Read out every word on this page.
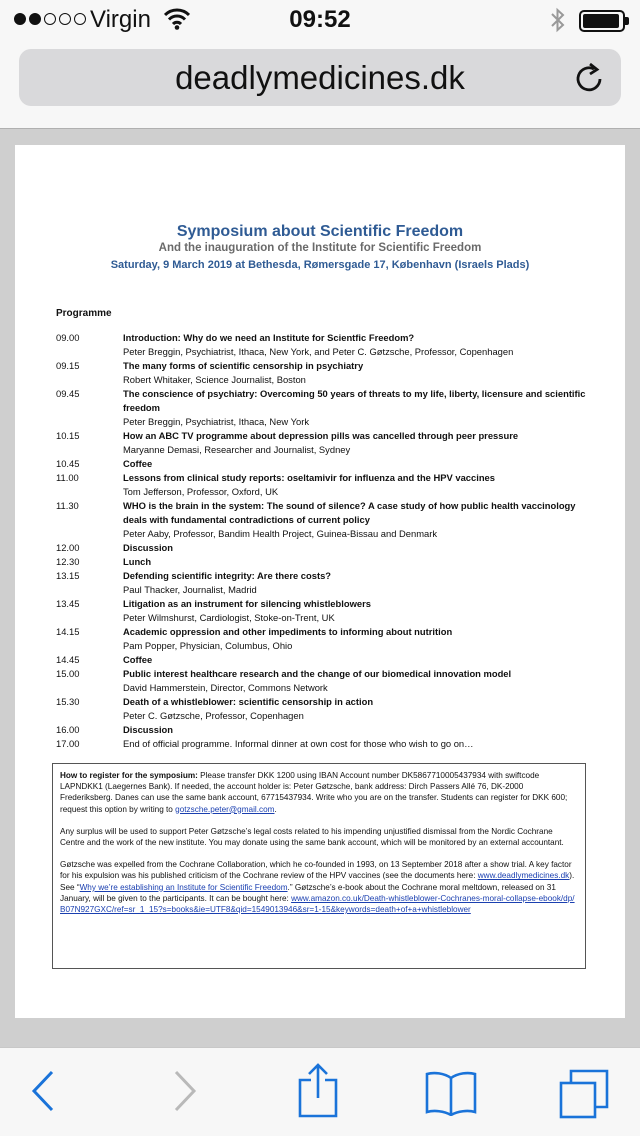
Virgin	09:52
deadlymedicines.dk
Symposium about Scientific Freedom
And the inauguration of the Institute for Scientific Freedom
Saturday, 9 March 2019 at Bethesda, Rømersgade 17, København (Israels Plads)
Programme
09.00	Introduction: Why do we need an Institute for Scientfic Freedom?
Peter Breggin, Psychiatrist, Ithaca, New York, and Peter C. Gøtzsche, Professor, Copenhagen
09.15	The many forms of scientific censorship in psychiatry
Robert Whitaker, Science Journalist, Boston
09.45	The conscience of psychiatry: Overcoming 50 years of threats to my life, liberty, licensure and scientific freedom
Peter Breggin, Psychiatrist, Ithaca, New York
10.15	How an ABC TV programme about depression pills was cancelled through peer pressure
Maryanne Demasi, Researcher and Journalist, Sydney
10.45	Coffee
11.00	Lessons from clinical study reports: oseltamivir for influenza and the HPV vaccines
Tom Jefferson, Professor, Oxford, UK
11.30	WHO is the brain in the system: The sound of silence? A case study of how public health vaccinology deals with fundamental contradictions of current policy
Peter Aaby, Professor, Bandim Health Project, Guinea-Bissau and Denmark
12.00	Discussion
12.30	Lunch
13.15	Defending scientific integrity: Are there costs?
Paul Thacker, Journalist, Madrid
13.45	Litigation as an instrument for silencing whistleblowers
Peter Wilmshurst, Cardiologist, Stoke-on-Trent, UK
14.15	Academic oppression and other impediments to informing about nutrition
Pam Popper, Physician, Columbus, Ohio
14.45	Coffee
15.00	Public interest healthcare research and the change of our biomedical innovation model
David Hammerstein, Director, Commons Network
15.30	Death of a whistleblower: scientific censorship in action
Peter C. Gøtzsche, Professor, Copenhagen
16.00	Discussion
17.00	End of official programme. Informal dinner at own cost for those who wish to go on…

How to register for the symposium: Please transfer DKK 1200 using IBAN Account number DK5867710005437934 with swiftcode LAPNDKK1 (Laegernes Bank). If needed, the account holder is: Peter Gøtzsche, bank address: Dirch Passers Allé 76, DK-2000 Frederiksberg. Danes can use the same bank account, 67715437934. Write who you are on the transfer. Students can register for DKK 600; request this option by writing to gotzsche.peter@gmail.com.

Any surplus will be used to support Peter Gøtzsche’s legal costs related to his impending unjustified dismissal from the Nordic Cochrane Centre and the work of the new institute. You may donate using the same bank account, which will be monitored by an external accountant.

Gøtzsche was expelled from the Cochrane Collaboration, which he co-founded in 1993, on 13 September 2018 after a show trial. A key factor for his expulsion was his published criticism of the Cochrane review of the HPV vaccines (see the documents here: www.deadlymedicines.dk). See “Why we’re establishing an Institute for Scientific Freedom.” Gøtzsche’s e-book about the Cochrane moral meltdown, released on 31 January, will be given to the participants. It can be bought here: www.amazon.co.uk/Death-whistleblower-Cochranes-moral-collapse-ebook/dp/B07N927GXC/ref=sr_1_15?s=books&ie=UTF8&qid=1549013946&sr=1-15&keywords=death+of+a+whistleblower
